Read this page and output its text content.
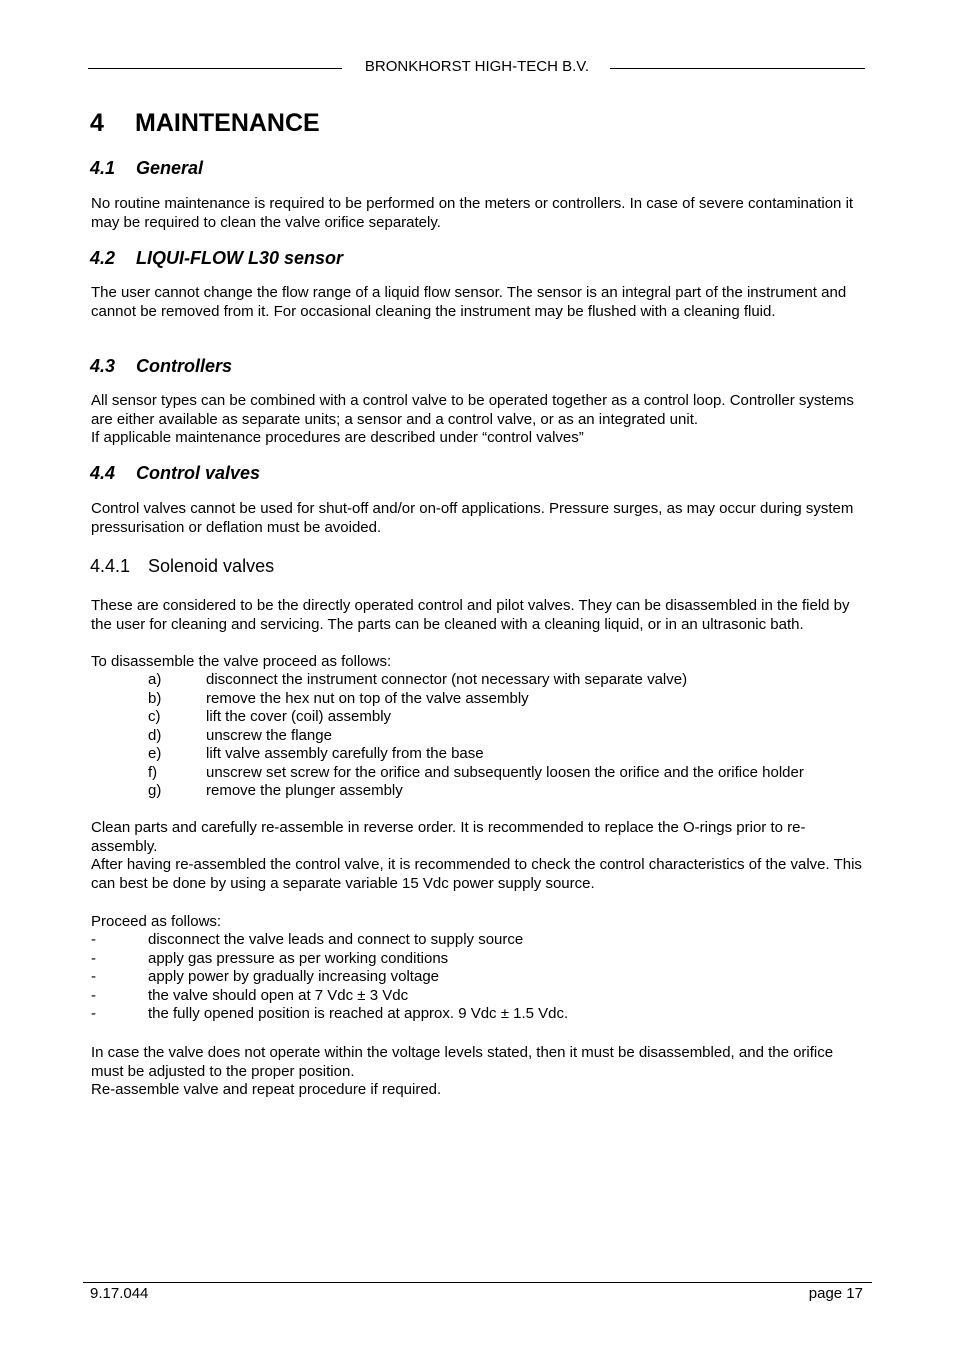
BRONKHORST HIGH-TECH B.V.
4 MAINTENANCE
4.1 General

No routine maintenance is required to be performed on the meters or controllers. In case of severe contamination it may be required to clean the valve orifice separately.

4.2 LIQUI-FLOW L30 sensor

The user cannot change the flow range of a liquid flow sensor. The sensor is an integral part of the instrument and cannot be removed from it. For occasional cleaning the instrument may be flushed with a cleaning fluid.

4.3 Controllers

All sensor types can be combined with a control valve to be operated together as a control loop. Controller systems are either available as separate units; a sensor and a control valve, or as an integrated unit.

If applicable maintenance procedures are described under “control valves”

4.4 Control valves

Control valves cannot be used for shut-off and/or on-off applications. Pressure surges, as may occur during system pressurisation or deflation must be avoided.

4.4.1 Solenoid valves

These are considered to be the directly operated control and pilot valves. They can be disassembled in the field by the user for cleaning and servicing. The parts can be cleaned with a cleaning liquid, or in an ultrasonic bath.

To disassemble the valve proceed as follows:

a)	disconnect the instrument connector (not necessary with separate valve)
b)	remove the hex nut on top of the valve assembly
c)	lift the cover (coil) assembly
d)	unscrew the flange
e)	lift valve assembly carefully from the base
f)	unscrew set screw for the orifice and subsequently loosen the orifice and the orifice holder
g)	remove the plunger assembly

Clean parts and carefully re-assemble in reverse order. It is recommended to replace the O-rings prior to re-assembly.

After having re-assembled the control valve, it is recommended to check the control characteristics of the valve. This can best be done by using a separate variable 15 Vdc power supply source.

Proceed as follows:

-	disconnect the valve leads and connect to supply source
-	apply gas pressure as per working conditions
-	apply power by gradually increasing voltage
-	the valve should open at 7 Vdc ± 3 Vdc
-	the fully opened position is reached at approx. 9 Vdc ± 1.5 Vdc.

In case the valve does not operate within the voltage levels stated, then it must be disassembled, and the orifice must be adjusted to the proper position.

Re-assemble valve and repeat procedure if required.

9.17.044	page 17
